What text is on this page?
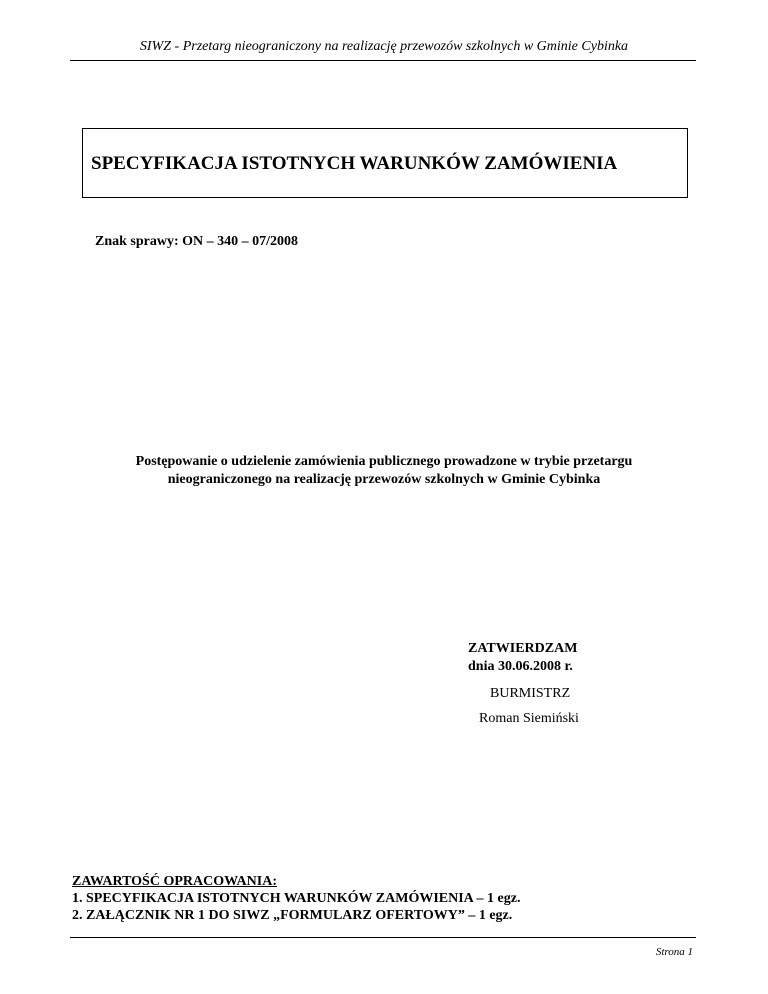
SIWZ - Przetarg nieograniczony na realizację przewozów szkolnych w Gminie Cybinka
SPECYFIKACJA ISTOTNYCH WARUNKÓW ZAMÓWIENIA
Znak sprawy: ON – 340 – 07/2008
Postępowanie o udzielenie zamówienia publicznego prowadzone w trybie przetargu
nieograniczonego na realizację przewozów szkolnych w Gminie Cybinka
ZATWIERDZAM
dnia 30.06.2008 r.
BURMISTRZ
Roman Siemiński
ZAWARTOŚĆ OPRACOWANIA:
1. SPECYFIKACJA ISTOTNYCH WARUNKÓW ZAMÓWIENIA – 1 egz.
2. ZAŁĄCZNIK NR 1 DO SIWZ „FORMULARZ OFERTOWY” – 1 egz.
Strona 1
